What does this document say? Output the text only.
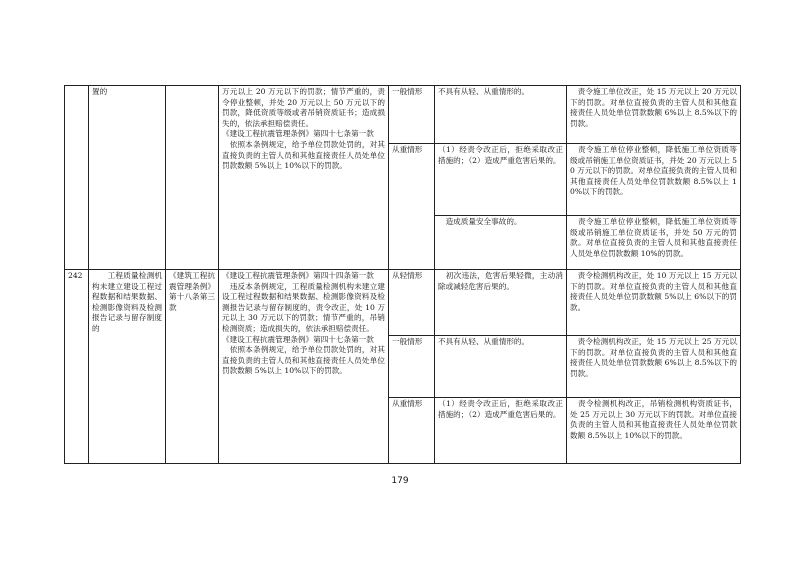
	置的		万元以上 20 万元以下的罚款；情节严重的，责令停业整顿，并处 20 万元以上 50 万元以下的罚款，降低资质等级或者吊销资质证书；造成损失的，依法承担赔偿责任。
《建设工程抗震管理条例》第四十七条第一款
　依照本条例规定，给予单位罚款处罚的，对其直接负责的主管人员和其他直接责任人员处单位罚款数额 5%以上 10%以下的罚款。	一般情形	不具有从轻、从重情形的。	　责令施工单位改正，处 15 万元以上 20 万元以下的罚款。对单位直接负责的主管人员和其他直接责任人员处单位罚款数额 6%以上 8.5%以下的罚款。
				从重情形	（1）经责令改正后，拒绝采取改正措施的；（2）造成严重危害后果的。	　责令施工单位停业整顿，降低施工单位资质等级或吊销施工单位资质证书，并处 20 万元以上 50 万元以下的罚款。对单位直接负责的主管人员和其他直接责任人员处单位罚款数额 8.5%以上 10%以下的罚款。
					　造成质量安全事故的。	　责令施工单位停业整顿，降低施工单位资质等级或吊销施工单位资质证书，并处 50 万元的罚款。对单位直接负责的主管人员和其他直接责任人员处单位罚款数额 10%的罚款。
242	　　工程质量检测机构未建立建设工程过程数据和结果数据、检测影像资料及检测报告记录与留存制度的	《建筑工程抗震管理条例》第十八条第三款	《建设工程抗震管理条例》第四十四条第一款
　违反本条例规定，工程质量检测机构未建立建设工程过程数据和结果数据、检测影像资料及检测报告记录与留存制度的，责令改正，处 10 万元以上 30 万元以下的罚款；情节严重的，吊销检测资质；造成损失的，依法承担赔偿责任。
《建设工程抗震管理条例》第四十七条第一款
　依照本条例规定，给予单位罚款处罚的，对其直接负责的主管人员和其他直接责任人员处单位罚款数额 5%以上 10%以下的罚款。	从轻情形	　初次违法，危害后果轻微，主动消除或减轻危害后果的。	　责令检测机构改正，处 10 万元以上 15 万元以下的罚款。对单位直接负责的主管人员和其他直接责任人员处单位罚款数额 5%以上 6%以下的罚款。
				一般情形	不具有从轻、从重情形的。	　责令检测机构改正，处 15 万元以上 25 万元以下的罚款。对单位直接负责的主管人员和其他直接责任人员处单位罚款数额 6%以上 8.5%以下的罚款。
				从重情形	（1）经责令改正后，拒绝采取改正措施的；（2）造成严重危害后果的。	　责令检测机构改正，吊销检测机构资质证书，处 25 万元以上 30 万元以下的罚款。对单位直接负责的主管人员和其他直接责任人员处单位罚款数额 8.5%以上 10%以下的罚款。
179
